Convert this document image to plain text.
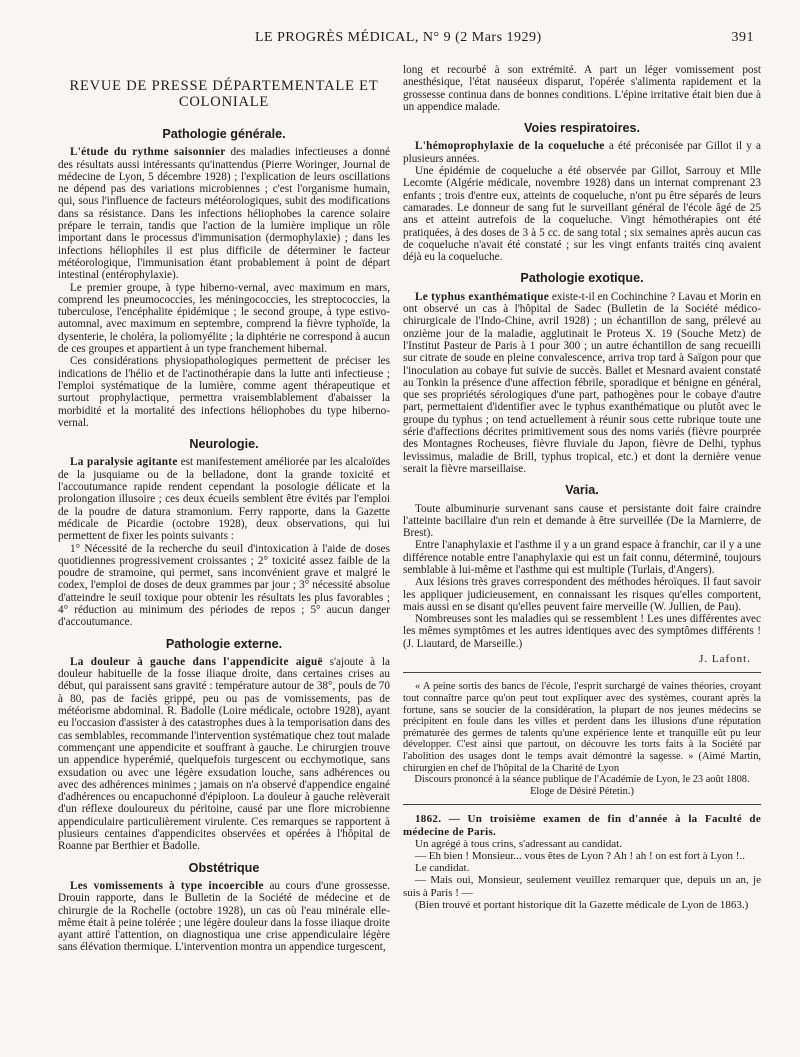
LE PROGRÈS MÉDICAL, N° 9 (2 Mars 1929)	391
REVUE DE PRESSE DÉPARTEMENTALE ET COLONIALE
Pathologie générale.

L'étude du rythme saisonnier des maladies infectieuses a donné des résultats aussi intéressants qu'inattendus (Pierre Woringer, Journal de médecine de Lyon, 5 décembre 1928) ; l'explication de leurs oscillations ne dépend pas des variations microbiennes ; c'est l'organisme humain, qui, sous l'influence de facteurs météorologiques, subit des modifications dans sa résistance. Dans les infections héliophobes la carence solaire prépare le terrain, tandis que l'action de la lumière implique un rôle important dans le processus d'immunisation (dermophylaxie) ; dans les infections héliophiles il est plus difficile de déterminer le facteur météorologique, l'immunisation étant probablement à point de départ intestinal (entérophylaxie).

Le premier groupe, à type hiberno-vernal, avec maximum en mars, comprend les pneumococcies, les méningococcies, les streptococcies, la tuberculose, l'encéphalite épidémique ; le second groupe, à type estivo-automnal, avec maximum en septembre, comprend la fièvre typhoïde, la dysenterie, le choléra, la poliomyélite ; la diphtérie ne correspond à aucun de ces groupes et appartient à un type franchement hibernal.

Ces considérations physiopathologiques permettent de préciser les indications de l'hélio et de l'actinothérapie dans la lutte anti infectieuse ; l'emploi systématique de la lumière, comme agent thérapeutique et surtout prophylactique, permettra vraisemblablement d'abaisser la morbidité et la mortalité des infections héliophobes du type hiberno-vernal.

Neurologie.

La paralysie agitante est manifestement améliorée par les alcaloïdes de la jusquiame ou de la belladone, dont la grande toxicité et l'accoutumance rapide rendent cependant la posologie délicate et la prolongation illusoire ; ces deux écueils semblent être évités par l'emploi de la poudre de datura stramonium. Ferry rapporte, dans la Gazette médicale de Picardie (octobre 1928), deux observations, qui lui permettent de fixer les points suivants :

1° Nécessité de la recherche du seuil d'intoxication à l'aide de doses quotidiennes progressivement croissantes ; 2° toxicité assez faible de la poudre de stramoine, qui permet, sans inconvénient grave et malgré le codex, l'emploi de doses de deux grammes par jour ; 3° nécessité absolue d'atteindre le seuil toxique pour obtenir les résultats les plus favorables ; 4° réduction au minimum des périodes de repos ; 5° aucun danger d'accoutumance.

Pathologie externe.

La douleur à gauche dans l'appendicite aiguë s'ajoute à la douleur habituelle de la fosse iliaque droite, dans certaines crises au début, qui paraissent sans gravité : température autour de 38°, pouls de 70 à 80, pas de faciès grippé, peu ou pas de vomissements, pas de météorisme abdominal. R. Badolle (Loire médicale, octobre 1928), ayant eu l'occasion d'assister à des catastrophes dues à la temporisation dans des cas semblables, recommande l'intervention systématique chez tout malade commençant une appendicite et souffrant à gauche. Le chirurgien trouve un appendice hyperémié, quelquefois turgescent ou ecchymotique, sans exsudation ou avec une légère exsudation louche, sans adhérences ou avec des adhérences minimes ; jamais on n'a observé d'appendice engainé d'adhérences ou encapuchonné d'épiploon. La douleur à gauche relèverait d'un réflexe douloureux du péritoine, causé par une flore microbienne appendiculaire particulièrement virulente. Ces remarques se rapportent à plusieurs centaines d'appendicites observées et opérées à l'hôpital de Roanne par Berthier et Badolle.

Obstétrique

Les vomissements à type incoercible au cours d'une grossesse. Drouin rapporte, dans le Bulletin de la Société de médecine et de chirurgie de la Rochelle (octobre 1928), un cas où l'eau minérale elle-même était à peine tolérée ; une légère douleur dans la fosse iliaque droite ayant attiré l'attention, on diagnostiqua une crise appendiculaire légère sans élévation thermique. L'intervention montra un appendice turgescent,

long et recourbé à son extrémité. A part un léger vomissement post anesthésique, l'état nauséeux disparut, l'opérée s'alimenta rapidement et la grossesse continua dans de bonnes conditions. L'épine irritative était bien due à un appendice malade.

Voies respiratoires.

L'hémoprophylaxie de la coqueluche a été préconisée par Gillot il y a plusieurs années.

Une épidémie de coqueluche a été observée par Gillot, Sarrouy et Mlle Lecomte (Algérie médicale, novembre 1928) dans un internat comprenant 23 enfants ; trois d'entre eux, atteints de coqueluche, n'ont pu être séparés de leurs camarades. Le donneur de sang fut le surveillant général de l'école âgé de 25 ans et atteint autrefois de la coqueluche. Vingt hémothérapies ont été pratiquées, à des doses de 3 à 5 cc. de sang total ; six semaines après aucun cas de coqueluche n'avait été constaté ; sur les vingt enfants traités cinq avaient déjà eu la coqueluche.

Pathologie exotique.

Le typhus exanthématique existe-t-il en Cochinchine ? Lavau et Morin en ont observé un cas à l'hôpital de Sadec (Bulletin de la Société médico-chirurgicale de l'Indo-Chine, avril 1928) ; un échantillon de sang, prélevé au onzième jour de la maladie, agglutinait le Proteus X. 19 (Souche Metz) de l'Institut Pasteur de Paris à 1 pour 300 ; un autre échantillon de sang recueilli sur citrate de soude en pleine convalescence, arriva trop tard à Saïgon pour que l'inoculation au cobaye fut suivie de succès. Ballet et Mesnard avaient constaté au Tonkin la présence d'une affection fébrile, sporadique et bénigne en général, que ses propriétés sérologiques d'une part, pathogènes pour le cobaye d'autre part, permettaient d'identifier avec le typhus exanthématique ou plutôt avec le groupe du typhus ; on tend actuellement à réunir sous cette rubrique toute une série d'affections décrites primitivement sous des noms variés (fièvre pourprée des Montagnes Rocheuses, fièvre fluviale du Japon, fièvre de Delhi, typhus levissimus, maladie de Brill, typhus tropical, etc.) et dont la dernière venue serait la fièvre marseillaise.

Varia.

Toute albuminurie survenant sans cause et persistante doit faire craindre l'atteinte bacillaire d'un rein et demande à être surveillée (De la Marnierre, de Brest).

Entre l'anaphylaxie et l'asthme il y a un grand espace à franchir, car il y a une différence notable entre l'anaphylaxie qui est un fait connu, déterminé, toujours semblable à lui-même et l'asthme qui est multiple (Turlais, d'Angers).

Aux lésions très graves correspondent des méthodes héroïques. Il faut savoir les appliquer judicieusement, en connaissant les risques qu'elles comportent, mais aussi en se disant qu'elles peuvent faire merveille (W. Jullien, de Pau).

Nombreuses sont les maladies qui se ressemblent ! Les unes différentes avec les mêmes symptômes et les autres identiques avec des symptômes différents ! (J. Liautard, de Marseille.)

J. Lafont.

« A peine sortis des bancs de l'école, l'esprit surchargé de vaines théories, croyant tout connaître parce qu'on peut tout expliquer avec des systèmes, courant après la fortune, sans se soucier de la considération, la plupart de nos jeunes médecins se précipitent en foule dans les villes et perdent dans les illusions d'une réputation prématurée des germes de talents qu'une expérience lente et tranquille eût pu leur développer. C'est ainsi que partout, on découvre les torts faits à la Société par l'abolition des usages dont le temps avait démontré la sagesse. » (Aimé Martin, chirurgien en chef de l'hôpital de la Charité de Lyon

Discours prononcé à la séance publique de l'Académie de Lyon, le 23 août 1808. Eloge de Désiré Pétetin.)

1862. — Un troisième examen de fin d'année à la Faculté de médecine de Paris.

Un agrégé à tous crins, s'adressant au candidat.

— Eh bien ! Monsieur... vous êtes de Lyon ? Ah ! ah ! on est fort à Lyon !..

Le candidat.

— Mais oui, Monsieur, seulement veuillez remarquer que, depuis un an, je suis à Paris ! —

(Bien trouvé et portant historique dit la Gazette médicale de Lyon de 1863.)
